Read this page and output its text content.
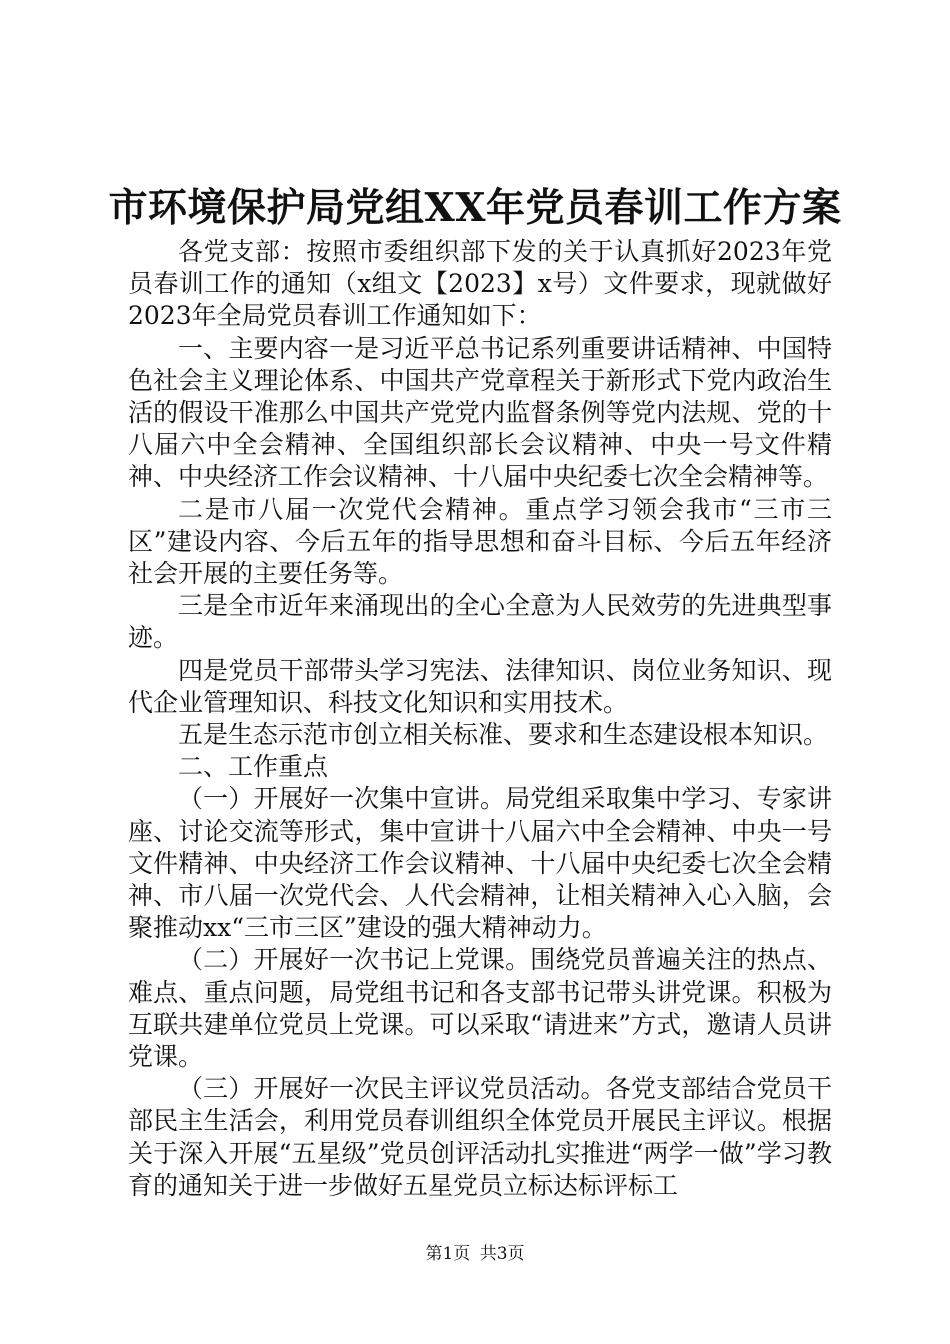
市环境保护局党组XX年党员春训工作方案

各党支部：按照市委组织部下发的关于认真抓好2023年党员春训工作的通知（x组文【2023】x号）文件要求，现就做好2023年全局党员春训工作通知如下：

一、主要内容一是习近平总书记系列重要讲话精神、中国特色社会主义理论体系、中国共产党章程关于新形式下党内政治生活的假设干准那么中国共产党党内监督条例等党内法规、党的十八届六中全会精神、全国组织部长会议精神、中央一号文件精神、中央经济工作会议精神、十八届中央纪委七次全会精神等。

二是市八届一次党代会精神。重点学习领会我市“三市三区”建设内容、今后五年的指导思想和奋斗目标、今后五年经济社会开展的主要任务等。

三是全市近年来涌现出的全心全意为人民效劳的先进典型事迹。

四是党员干部带头学习宪法、法律知识、岗位业务知识、现代企业管理知识、科技文化知识和实用技术。

五是生态示范市创立相关标准、要求和生态建设根本知识。

二、工作重点

（一）开展好一次集中宣讲。局党组采取集中学习、专家讲座、讨论交流等形式，集中宣讲十八届六中全会精神、中央一号文件精神、中央经济工作会议精神、十八届中央纪委七次全会精神、市八届一次党代会、人代会精神，让相关精神入心入脑，会聚推动xx“三市三区”建设的强大精神动力。

（二）开展好一次书记上党课。围绕党员普遍关注的热点、难点、重点问题，局党组书记和各支部书记带头讲党课。积极为互联共建单位党员上党课。可以采取“请进来”方式，邀请人员讲党课。

（三）开展好一次民主评议党员活动。各党支部结合党员干部民主生活会，利用党员春训组织全体党员开展民主评议。根据关于深入开展“五星级”党员创评活动扎实推进“两学一做”学习教育的通知关于进一步做好五星党员立标达标评标工

第1页 共3页
